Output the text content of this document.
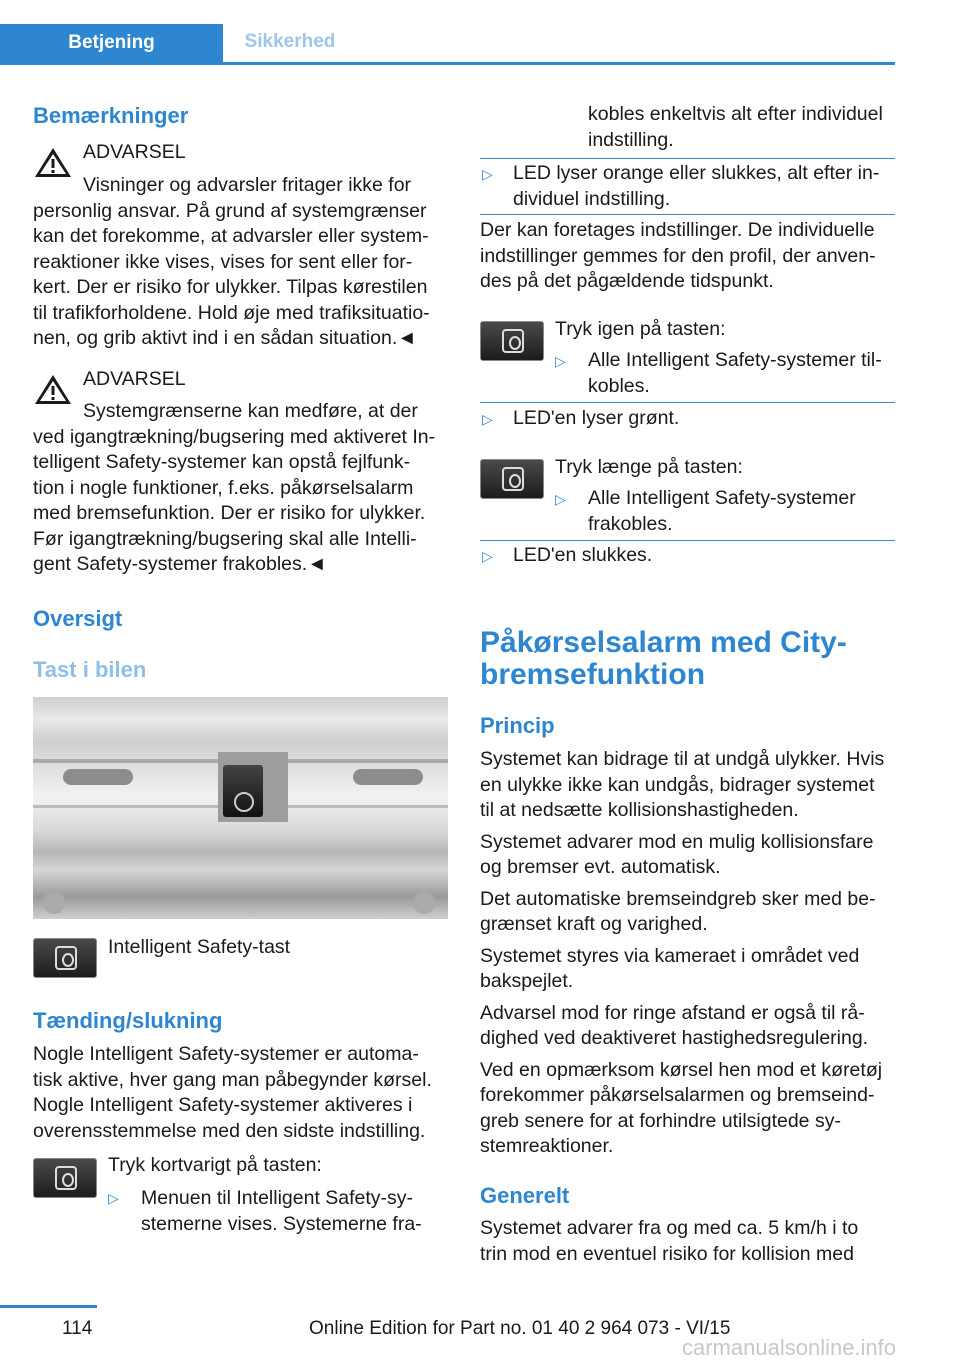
Betjening	Sikkerhed
Bemærkninger
ADVARSEL

Visninger og advarsler fritager ikke for

personlig ansvar. På grund af systemgrænser

kan det forekomme, at advarsler eller system-

reaktioner ikke vises, vises for sent eller for-

kert. Der er risiko for ulykker. Tilpas kørestilen

til trafikforholdene. Hold øje med trafiksituatio-

nen, og grib aktivt ind i en sådan situation.◄

ADVARSEL

Systemgrænserne kan medføre, at der

ved igangtrækning/bugsering med aktiveret In-

telligent Safety-systemer kan opstå fejlfunk-

tion i nogle funktioner, f.eks. påkørselsalarm

med bremsefunktion. Der er risiko for ulykker.

Før igangtrækning/bugsering skal alle Intelli-

gent Safety-systemer frakobles.◄

Oversigt
Tast i bilen
Intelligent Safety-tast
Tænding/slukning

Nogle Intelligent Safety-systemer er automa-

tisk aktive, hver gang man påbegynder kørsel.

Nogle Intelligent Safety-systemer aktiveres i

overensstemmelse med den sidste indstilling.

Tryk kortvarigt på tasten:
▷ Menuen til Intelligent Safety-sy-

stemerne vises. Systemerne fra-

kobles enkeltvis alt efter individuel

indstilling.

▷ LED lyser orange eller slukkes, alt efter in-

dividuel indstilling.

Der kan foretages indstillinger. De individuelle

indstillinger gemmes for den profil, der anven-

des på det pågældende tidspunkt.

Tryk igen på tasten:
▷ Alle Intelligent Safety-systemer til-

kobles.

▷ LED'en lyser grønt.
Tryk længe på tasten:
▷ Alle Intelligent Safety-systemer

frakobles.

▷ LED'en slukkes.

Påkørselsalarm med City-

bremsefunktion

Princip

Systemet kan bidrage til at undgå ulykker. Hvis

en ulykke ikke kan undgås, bidrager systemet

til at nedsætte kollisionshastigheden.

Systemet advarer mod en mulig kollisionsfare

og bremser evt. automatisk.

Det automatiske bremseindgreb sker med be-

grænset kraft og varighed.

Systemet styres via kameraet i området ved

bakspejlet.

Advarsel mod for ringe afstand er også til rå-

dighed ved deaktiveret hastighedsregulering.

Ved en opmærksom kørsel hen mod et køretøj

forekommer påkørselsalarmen og bremseind-

greb senere for at forhindre utilsigtede sy-

stemreaktioner.

Generelt

Systemet advarer fra og med ca. 5 km/h i to

trin mod en eventuel risiko for kollision med

114	Online Edition for Part no. 01 40 2 964 073 - VI/15
carmanualsonline.info
